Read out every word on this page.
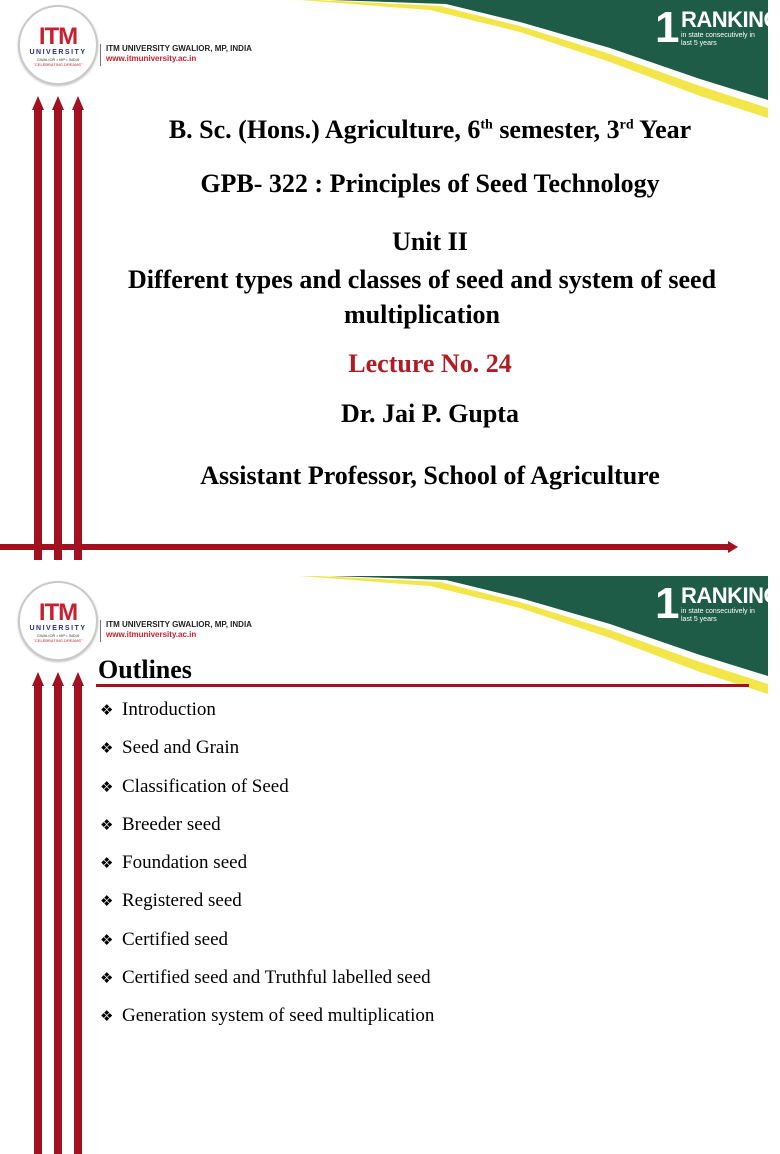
1 RANKING
in state consecutively in last 5 years
ITM
UNIVERSITY
GWALIOR • MP • INDIA
"CELEBRATING DREAMS"
ITM UNIVERSITY GWALIOR, MP, INDIA
www.itmuniversity.ac.in
B. Sc. (Hons.) Agriculture, 6th semester, 3rd Year
GPB- 322 : Principles of Seed Technology
Unit II
Different types and classes of seed and system of seed multiplication
Lecture No. 24
Dr. Jai P. Gupta
Assistant Professor, School of Agriculture
1 RANKING
in state consecutively in last 5 years
ITM
UNIVERSITY
GWALIOR • MP • INDIA
"CELEBRATING DREAMS"
ITM UNIVERSITY GWALIOR, MP, INDIA
www.itmuniversity.ac.in
Outlines
❖ Introduction
❖ Seed and Grain
❖ Classification of Seed
❖ Breeder seed
❖ Foundation seed
❖ Registered seed
❖ Certified seed
❖ Certified seed and Truthful labelled seed
❖ Generation system of seed multiplication
